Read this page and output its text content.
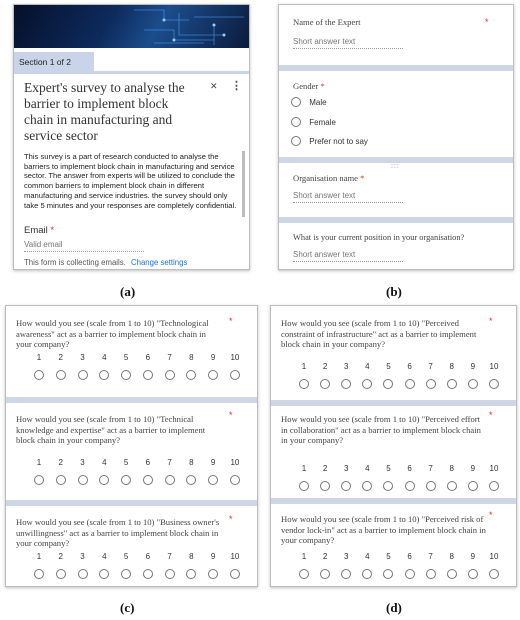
Section 1 of 2
Expert's survey to analyse the barrier to implement block chain in manufacturing and service sector
✕ ⋮
This survey is a part of research conducted to analyse the barriers to implement block chain in manufacturing and service sector. The answer from experts will be utilized to conclude the common barriers to implement block chain in different manufacturing and service industries. the survey should only take 5 minutes and your responses are completely confidential.
Email *
Valid email
This form is collecting emails. Change settings
(a)
Name of the Expert	*
Short answer text
Gender *
Male
Female
Prefer not to say
:::
Organisation name *
Short answer text
What is your current position in your organisation?
Short answer text
(b)
How would you see (scale from 1 to 10) "Technological awareness" act as a barrier to implement block chain in your company?
*
1	2	3	4	5	6	7	8	9	10
How would you see (scale from 1 to 10) "Technical knowledge and expertise" act as a barrier to implement block chain in your company?
*
1	2	3	4	5	6	7	8	9	10
How would you see (scale from 1 to 10) "Business owner's unwillingness" act as a barrier to implement block chain in your company?
*
1	2	3	4	5	6	7	8	9	10
(c)
How would you see (scale from 1 to 10) "Perceived constraint of infrastructure" act as a barrier to implement block chain in your company?
*
1	2	3	4	5	6	7	8	9	10
How would you see (scale from 1 to 10) "Perceived effort in collaboration" act as a barrier to implement block chain in your company?
*
1	2	3	4	5	6	7	8	9	10
How would you see (scale from 1 to 10) "Perceived risk of vendor lock-in" act as a barrier to implement block chain in your company?
*
1	2	3	4	5	6	7	8	9	10
(d)
